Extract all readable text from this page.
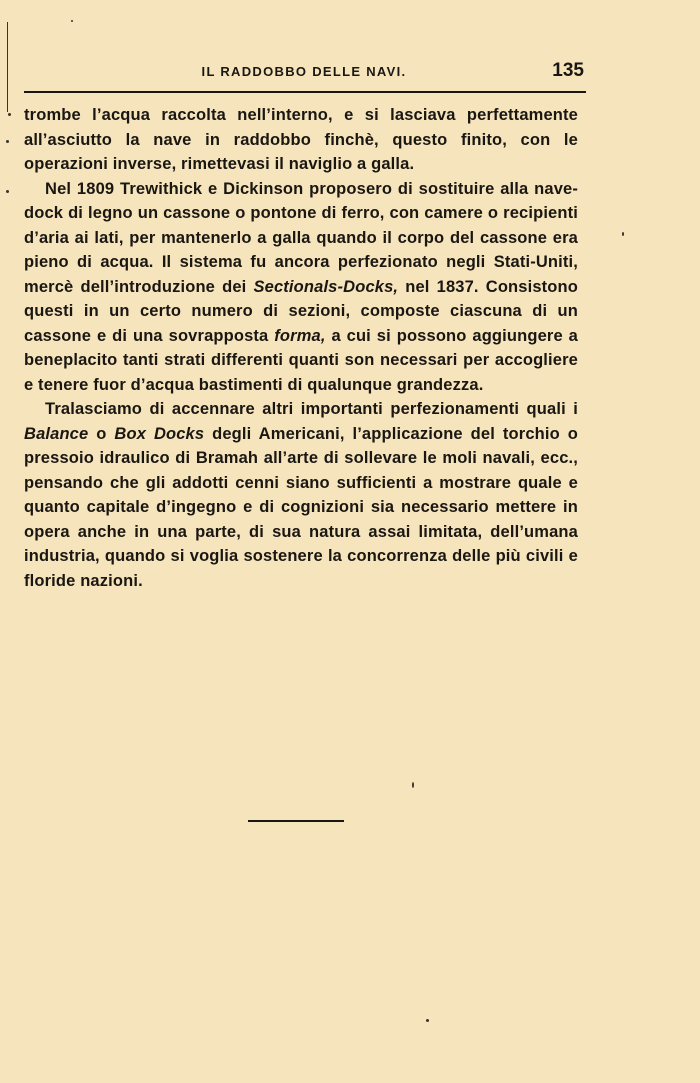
IL RADDOBBO DELLE NAVI.	135

trombe l’acqua raccolta nell’interno, e si lasciava perfettamente all’asciutto la nave in raddobbo finchè, questo finito, con le operazioni inverse, rimettevasi il naviglio a galla.

Nel 1809 Trewithick e Dickinson proposero di sostituire alla nave-dock di legno un cassone o pontone di ferro, con camere o recipienti d’aria ai lati, per mantenerlo a galla quando il corpo del cassone era pieno di acqua. Il sistema fu ancora perfezionato negli Stati-Uniti, mercè dell’introduzione dei Sectionals-Docks, nel 1837. Consistono questi in un certo numero di sezioni, composte ciascuna di un cassone e di una sovrapposta forma, a cui si possono aggiungere a beneplacito tanti strati differenti quanti son necessari per accogliere e tenere fuor d’acqua bastimenti di qualunque grandezza.

Tralasciamo di accennare altri importanti perfezionamenti quali i Balance o Box Docks degli Americani, l’applicazione del torchio o pressoio idraulico di Bramah all’arte di sollevare le moli navali, ecc., pensando che gli addotti cenni siano sufficienti a mostrare quale e quanto capitale d’ingegno e di cognizioni sia necessario mettere in opera anche in una parte, di sua natura assai limitata, dell’umana industria, quando si voglia sostenere la concorrenza delle più civili e floride nazioni.
